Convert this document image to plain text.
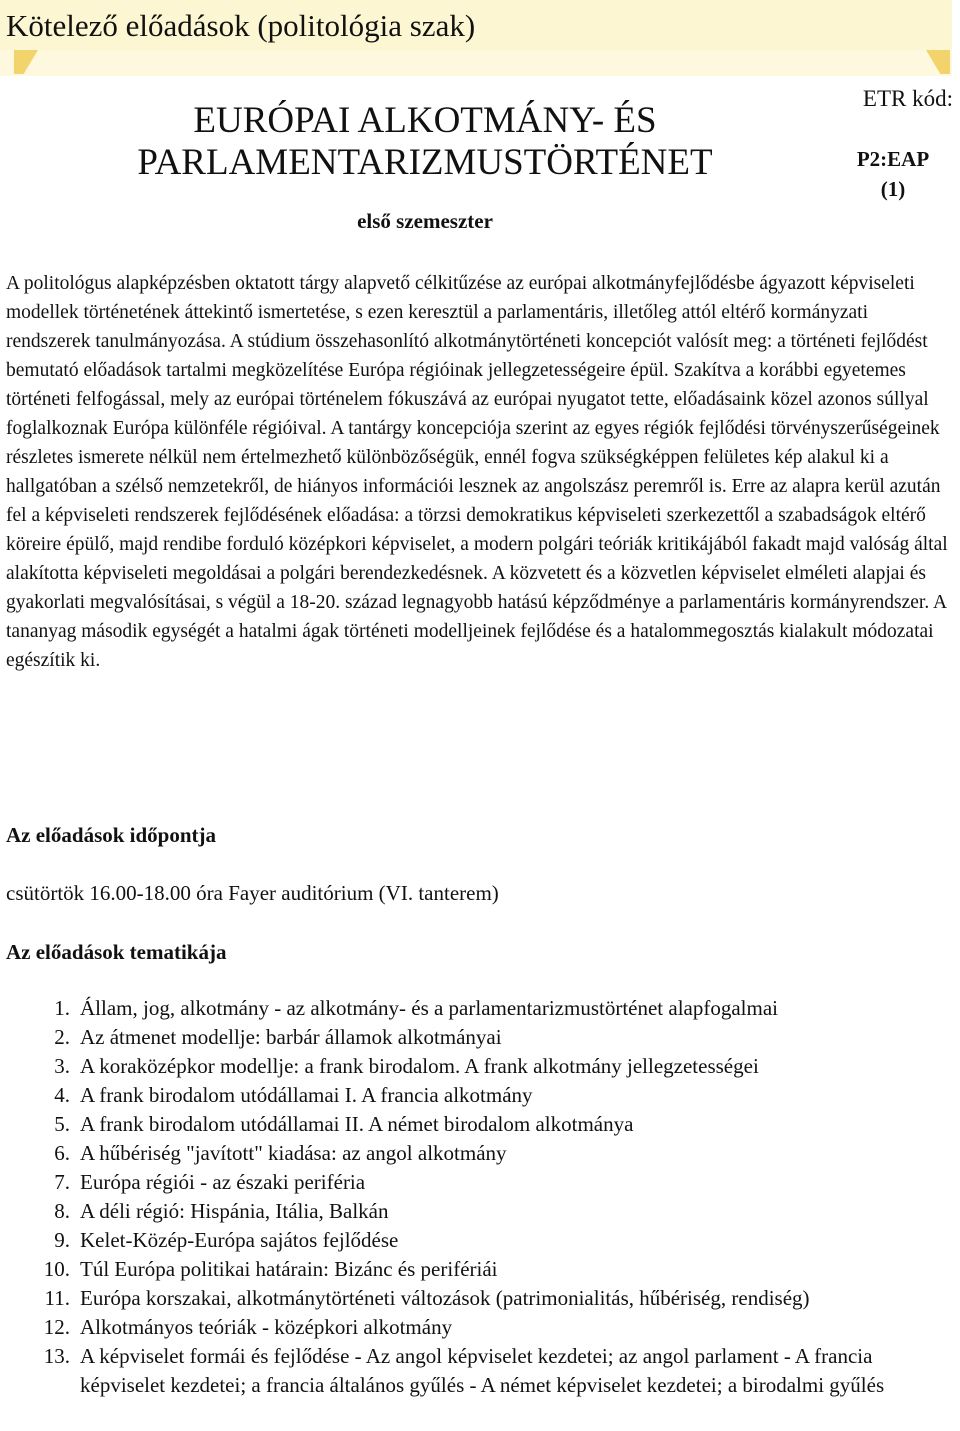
Kötelező előadások (politológia szak)
EURÓPAI ALKOTMÁNY- ÉS
PARLAMENTARIZMUSTÖRTÉNET
első szemeszter
ETR kód:
P2:EAP
(1)

A politológus alapképzésben oktatott tárgy alapvető célkitűzése az európai alkotmányfejlődésbe ágyazott képviseleti modellek történetének áttekintő ismertetése, s ezen keresztül a parlamentáris, illetőleg attól eltérő kormányzati rendszerek tanulmányozása. A stúdium összehasonlító alkotmánytörténeti koncepciót valósít meg: a történeti fejlődést bemutató előadások tartalmi megközelítése Európa régióinak jellegzetességeire épül. Szakítva a korábbi egyetemes történeti felfogással, mely az európai történelem fókuszává az európai nyugatot tette, előadásaink közel azonos súllyal foglalkoznak Európa különféle régióival. A tantárgy koncepciója szerint az egyes régiók fejlődési törvényszerűségeinek részletes ismerete nélkül nem értelmezhető különbözőségük, ennél fogva szükségképpen felületes kép alakul ki a hallgatóban a szélső nemzetekről, de hiányos információi lesznek az angolszász peremről is. Erre az alapra kerül azután fel a képviseleti rendszerek fejlődésének előadása: a törzsi demokratikus képviseleti szerkezettől a szabadságok eltérő köreire épülő, majd rendibe forduló középkori képviselet, a modern polgári teóriák kritikájából fakadt majd valóság által alakította képviseleti megoldásai a polgári berendezkedésnek. A közvetett és a közvetlen képviselet elméleti alapjai és gyakorlati megvalósításai, s végül a 18-20. század legnagyobb hatású képződménye a parlamentáris kormányrendszer. A tananyag második egységét a hatalmi ágak történeti modelljeinek fejlődése és a hatalommegosztás kialakult módozatai egészítik ki.

Az előadások időpontja

csütörtök 16.00-18.00 óra Fayer auditórium (VI. tanterem)

Az előadások tematikája
1. Állam, jog, alkotmány - az alkotmány- és a parlamentarizmustörténet alapfogalmai
2. Az átmenet modellje: barbár államok alkotmányai
3. A koraközépkor modellje: a frank birodalom. A frank alkotmány jellegzetességei
4. A frank birodalom utódállamai I. A francia alkotmány
5. A frank birodalom utódállamai II. A német birodalom alkotmánya
6. A hűbériség "javított" kiadása: az angol alkotmány
7. Európa régiói - az északi periféria
8. A déli régió: Hispánia, Itália, Balkán
9. Kelet-Közép-Európa sajátos fejlődése
10. Túl Európa politikai határain: Bizánc és perifériái
11. Európa korszakai, alkotmánytörténeti változások (patrimonialitás, hűbériség, rendiség)
12. Alkotmányos teóriák - középkori alkotmány
13. A képviselet formái és fejlődése - Az angol képviselet kezdetei; az angol parlament - A francia képviselet kezdetei; a francia általános gyűlés - A német képviselet kezdetei; a birodalmi gyűlés
